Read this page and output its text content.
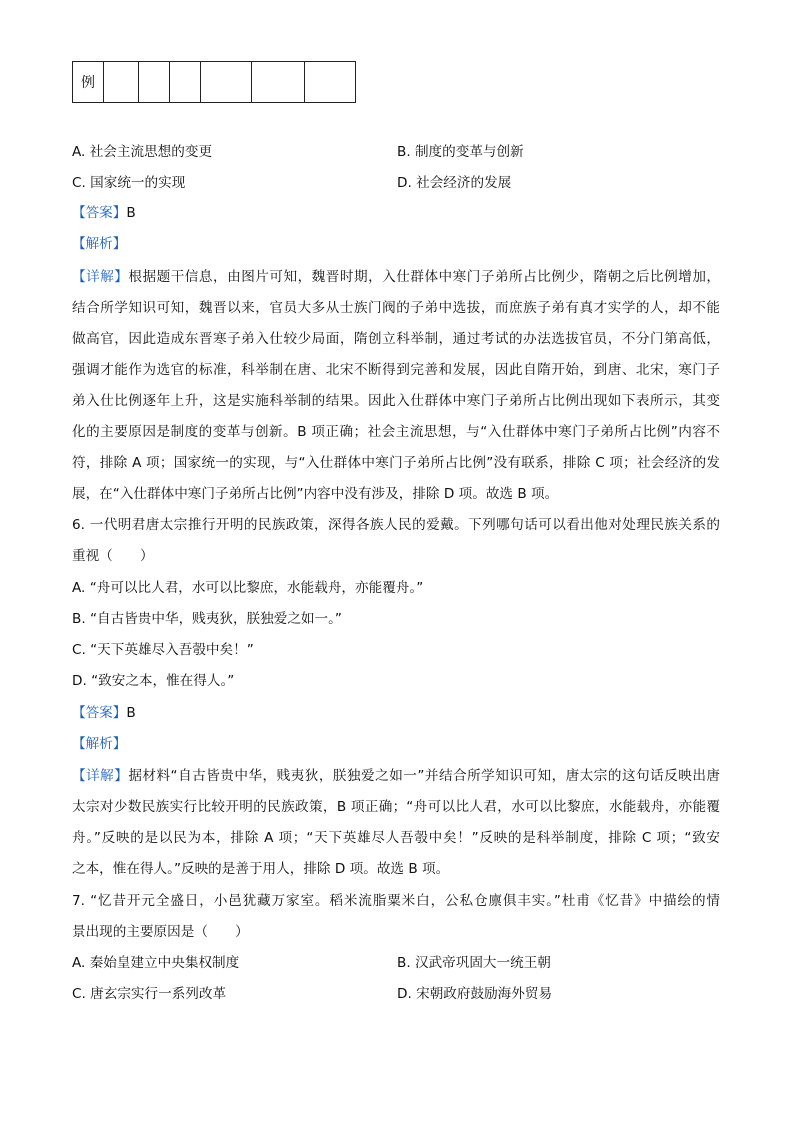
例						
A. 社会主流思想的变更	B. 制度的变革与创新
C. 国家统一的实现	D. 社会经济的发展
【答案】B
【解析】
【详解】根据题干信息，由图片可知，魏晋时期，入仕群体中寒门子弟所占比例少，隋朝之后比例增加，
结合所学知识可知，魏晋以来，官员大多从士族门阀的子弟中选拔，而庶族子弟有真才实学的人，却不能
做高官，因此造成东晋寒子弟入仕较少局面，隋创立科举制，通过考试的办法选拔官员，不分门第高低，
强调才能作为选官的标准，科举制在唐、北宋不断得到完善和发展，因此自隋开始，到唐、北宋，寒门子
弟入仕比例逐年上升，这是实施科举制的结果。因此入仕群体中寒门子弟所占比例出现如下表所示，其变
化的主要原因是制度的变革与创新。B 项正确；社会主流思想，与“入仕群体中寒门子弟所占比例”内容不
符，排除 A 项；国家统一的实现，与“入仕群体中寒门子弟所占比例”没有联系，排除 C 项；社会经济的发
展，在“入仕群体中寒门子弟所占比例”内容中没有涉及，排除 D 项。故选 B 项。
6. 一代明君唐太宗推行开明的民族政策，深得各族人民的爱戴。下列哪句话可以看出他对处理民族关系的
重视（　　）
A. “舟可以比人君，水可以比黎庶，水能载舟，亦能覆舟。”
B. “自古皆贵中华，贱夷狄，朕独爱之如一。”
C. “天下英雄尽入吾彀中矣！”
D. “致安之本，惟在得人。”
【答案】B
【解析】
【详解】据材料“自古皆贵中华，贱夷狄，朕独爱之如一”并结合所学知识可知，唐太宗的这句话反映出唐
太宗对少数民族实行比较开明的民族政策，B 项正确；“舟可以比人君，水可以比黎庶，水能载舟，亦能覆
舟。”反映的是以民为本，排除 A 项；“天下英雄尽人吾彀中矣！”反映的是科举制度，排除 C 项；“致安
之本，惟在得人。”反映的是善于用人，排除 D 项。故选 B 项。
7. “忆昔开元全盛日，小邑犹藏万家室。稻米流脂粟米白，公私仓廪俱丰实。”杜甫《忆昔》中描绘的情
景出现的主要原因是（　　）
A. 秦始皇建立中央集权制度	B. 汉武帝巩固大一统王朝
C. 唐玄宗实行一系列改革	D. 宋朝政府鼓励海外贸易
